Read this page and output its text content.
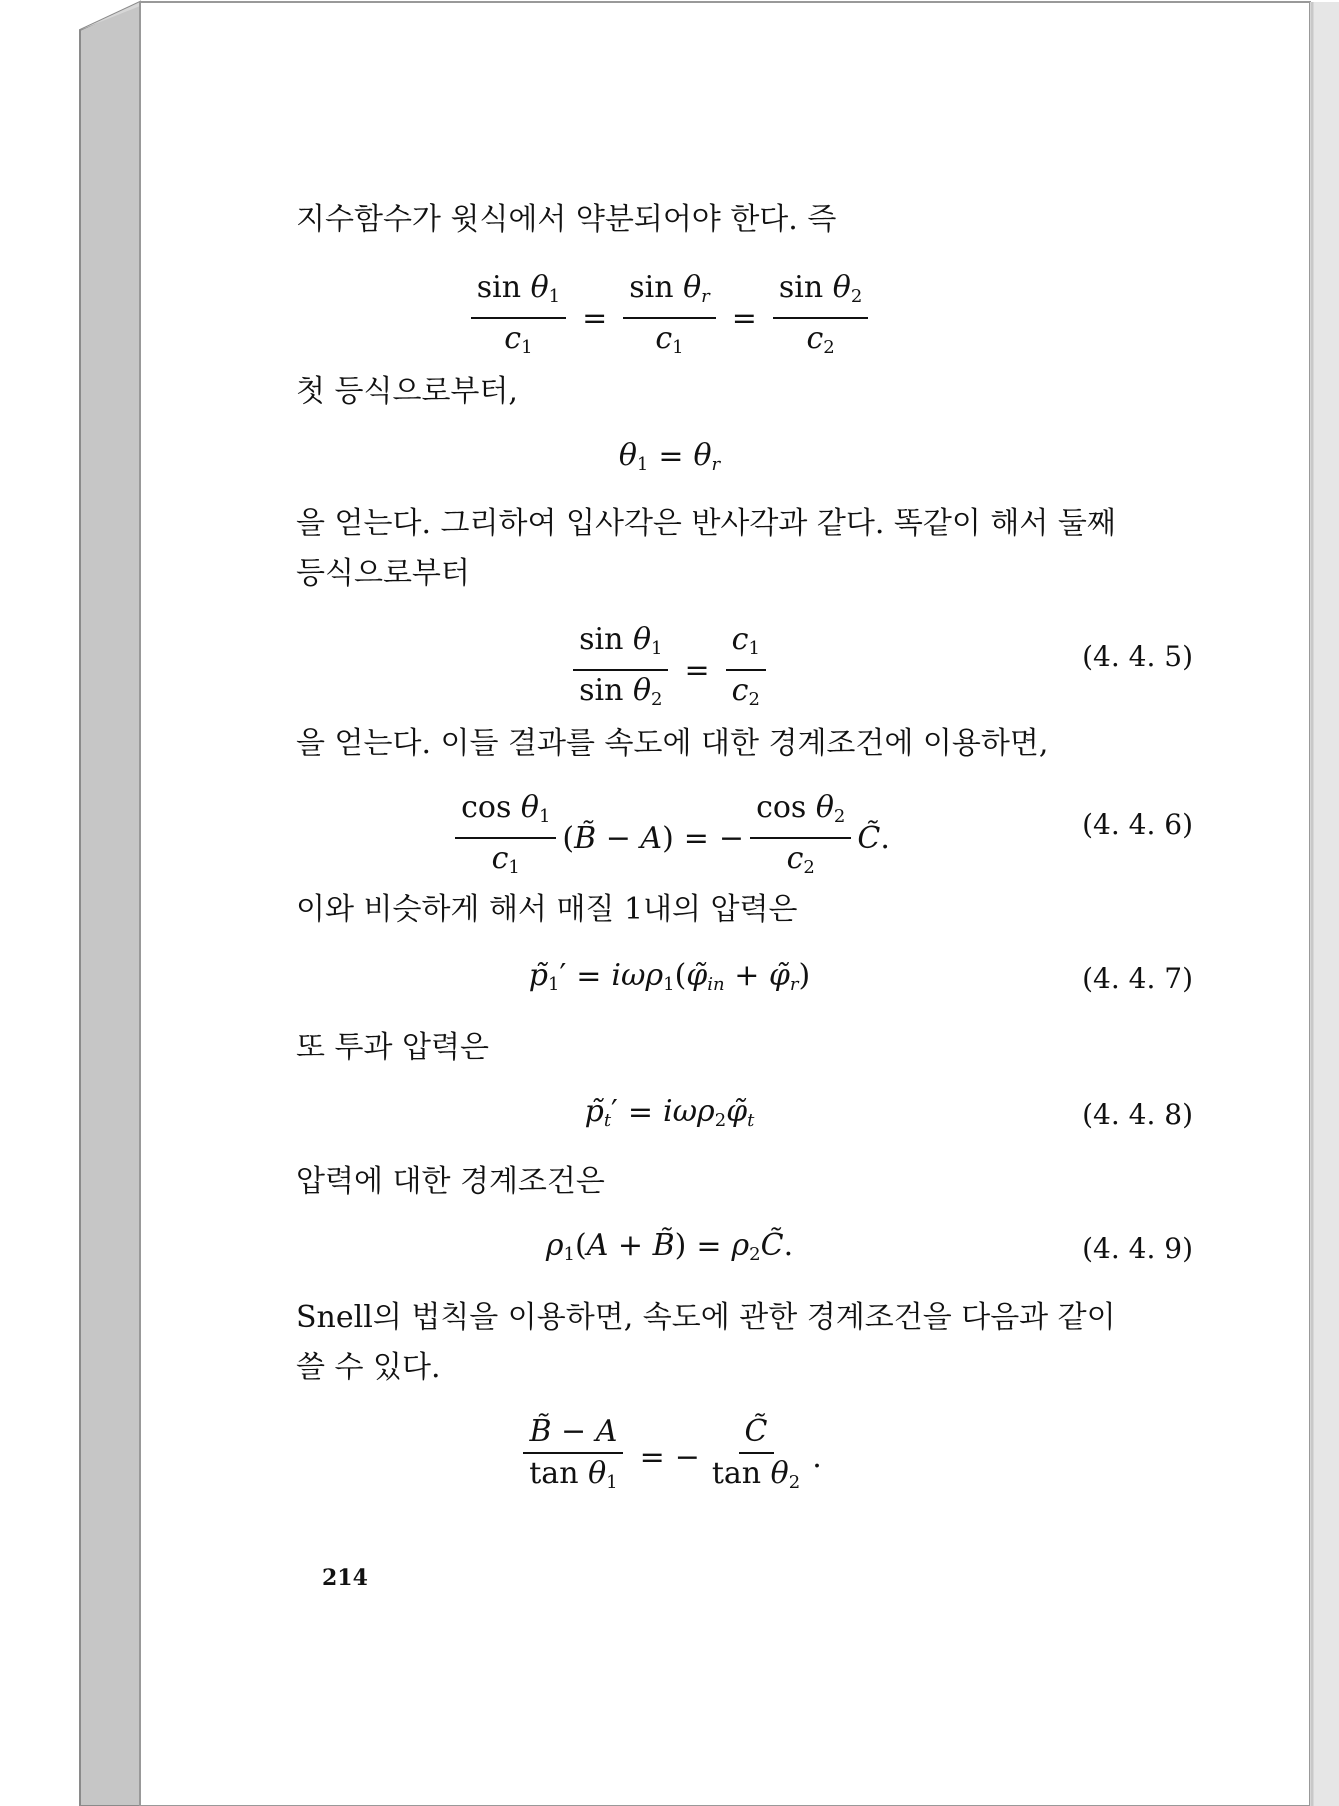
지수함수가 윗식에서 약분되어야 한다. 즉
$\frac{\sin \theta_1}{c_1} = \frac{\sin \theta_r}{c_1} = \frac{\sin \theta_2}{c_2}$
첫 등식으로부터,
$\theta_1 = \theta_r$
을 얻는다. 그리하여 입사각은 반사각과 같다. 똑같이 해서 둘째
등식으로부터
$\frac{\sin \theta_1}{\sin \theta_2} = \frac{c_1}{c_2}$	(4. 4. 5)
을 얻는다. 이들 결과를 속도에 대한 경계조건에 이용하면,
$\frac{\cos \theta_1}{c_1}$ (B̃ − A) = − $\frac{\cos \theta_2}{c_2}$ C̃.	(4. 4. 6)
이와 비슷하게 해서 매질 1내의 압력은
$p̃_1'$ = $i\omega\rho_1(\varphĩ_{in}$ + $\varphĩ_r$)	(4. 4. 7)
또 투과 압력은
$p̃_t'$ = $i\omega\rho_2\varphĩ_t$	(4. 4. 8)
압력에 대한 경계조건은
$\rho_1(A$ + B̃) = $\rho_2C̃$.	(4. 4. 9)
Snell의 법칙을 이용하면, 속도에 관한 경계조건을 다음과 같이
쓸 수 있다.
$\frac{B̃ - A}{\tan \theta_1}$ = − $\frac{C̃}{\tan \theta_2}$ .
214
